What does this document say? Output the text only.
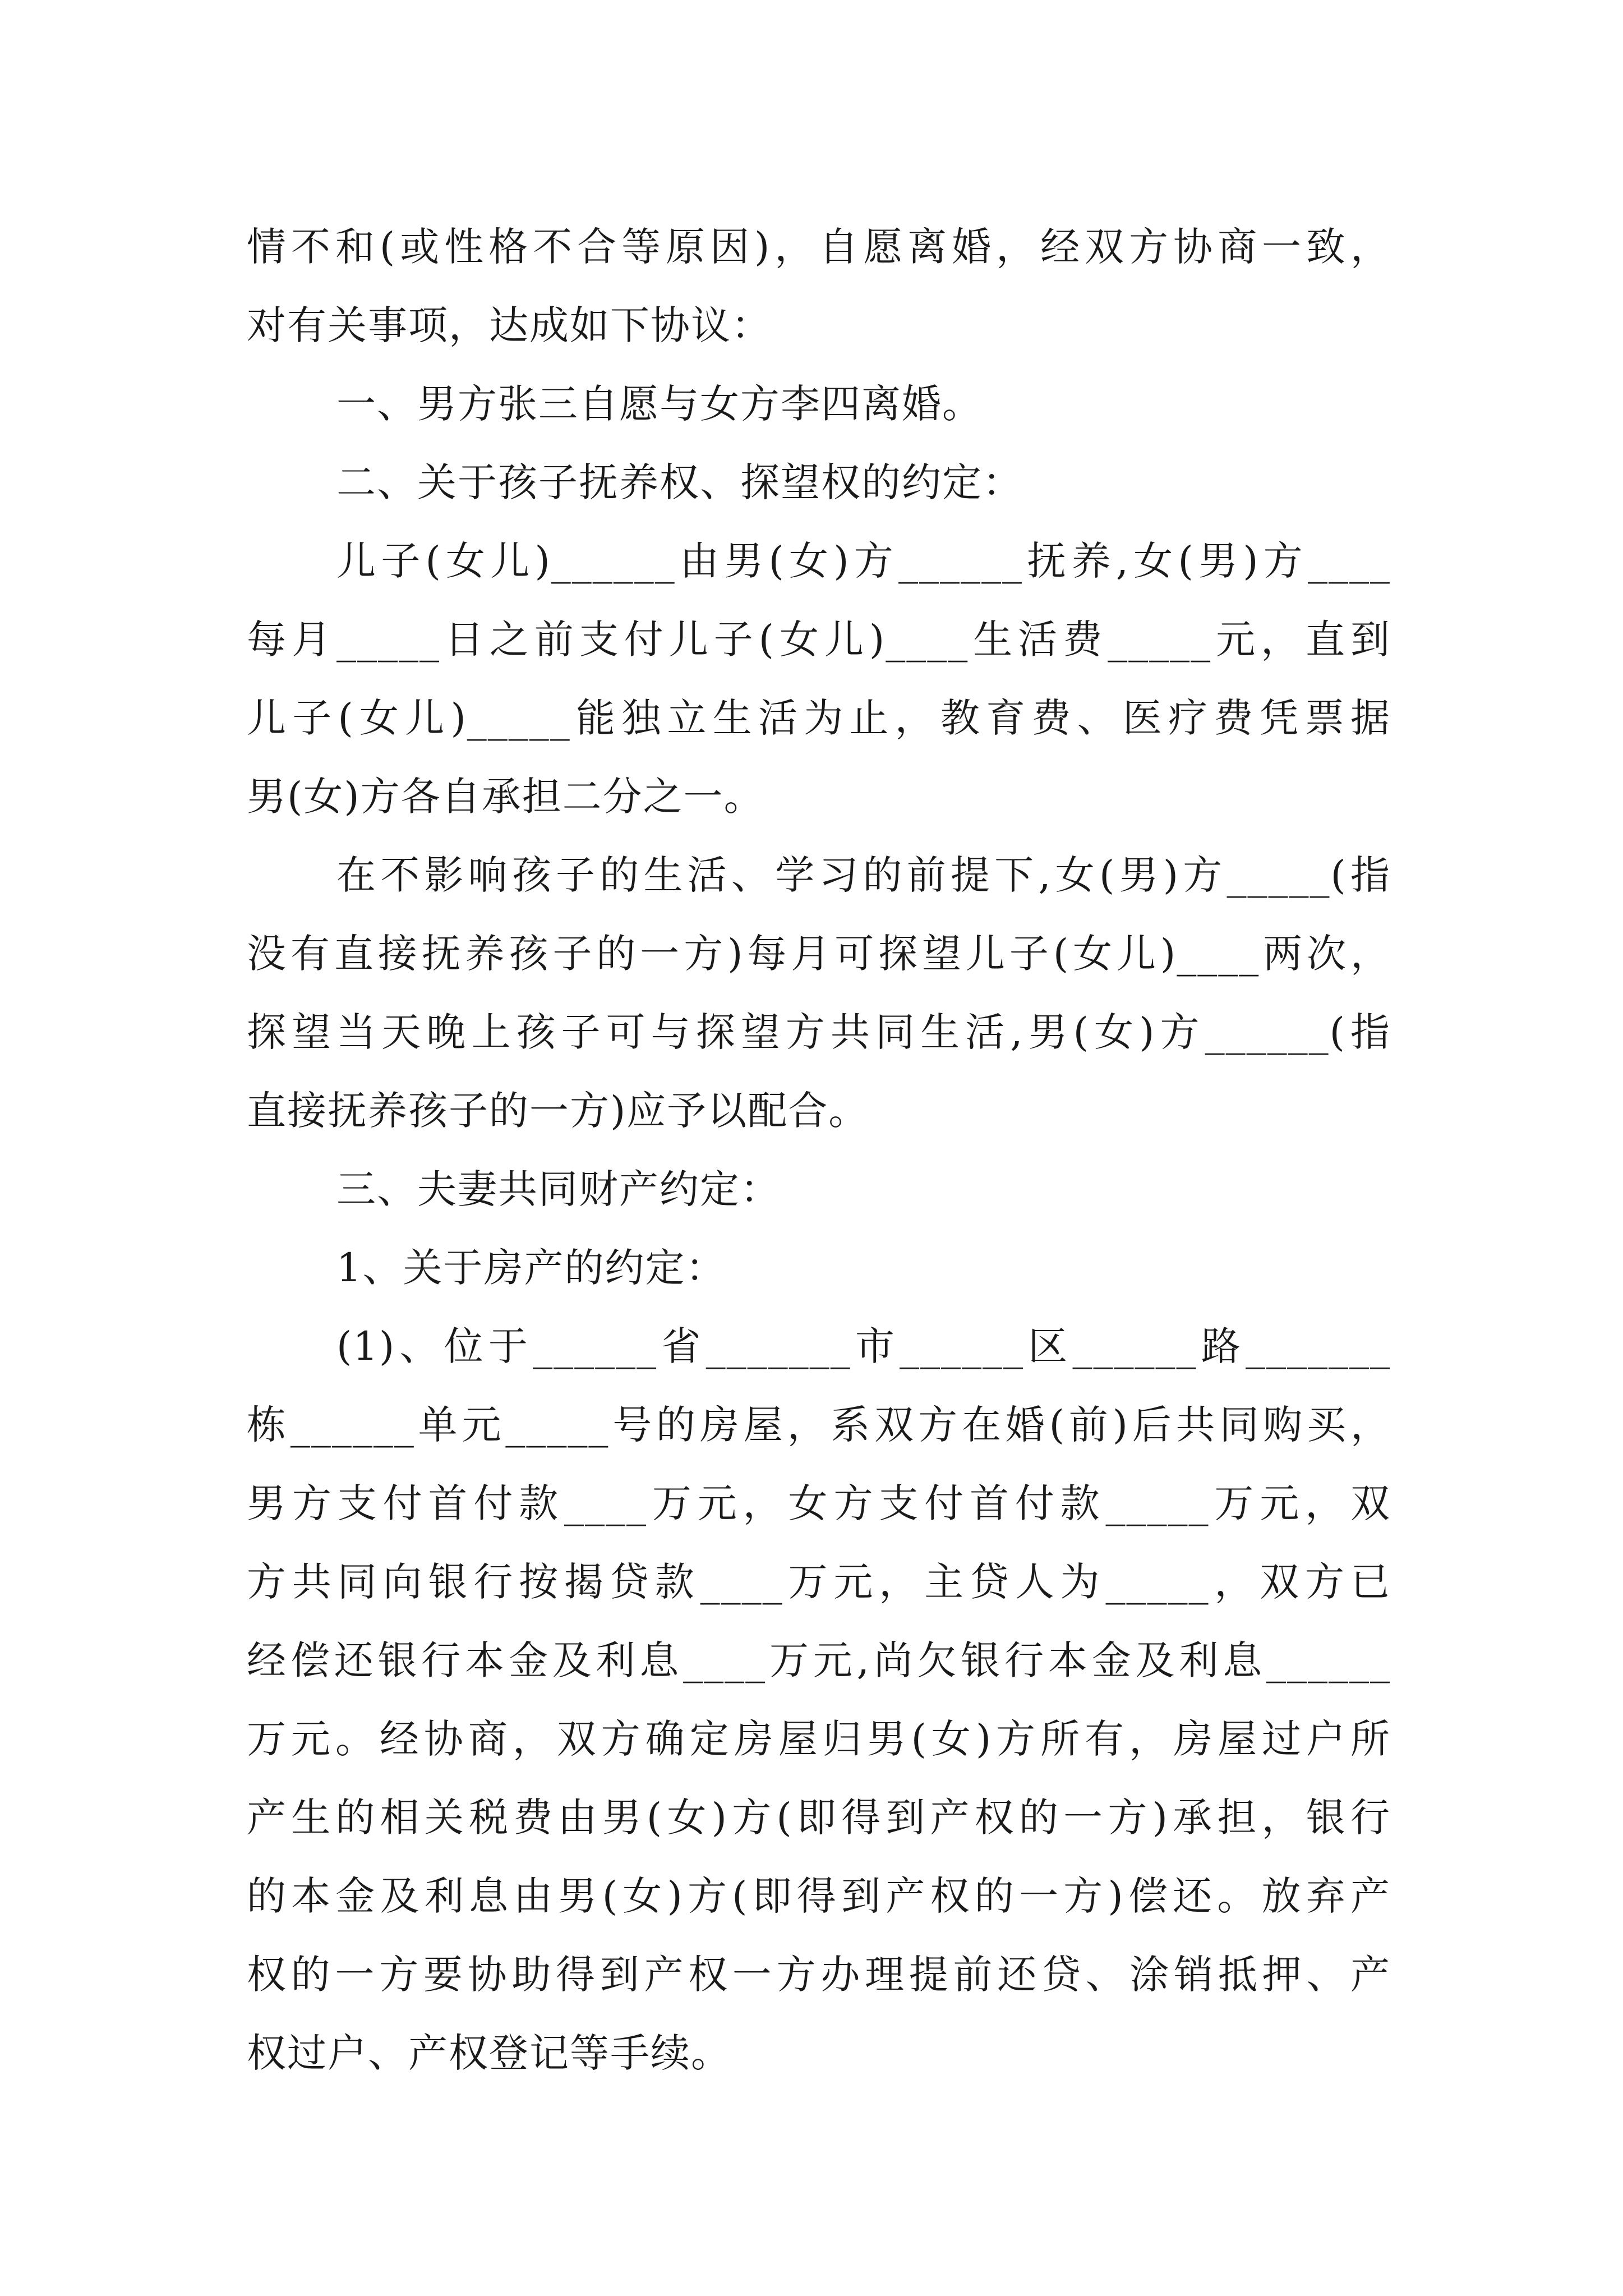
情不和(或性格不合等原因)，自愿离婚，经双方协商一致，
对有关事项，达成如下协议：
一、男方张三自愿与女方李四离婚。
二、关于孩子抚养权、探望权的约定：
儿子(女儿)______由男(女)方______抚养,女(男)方____
每月_____日之前支付儿子(女儿)____生活费_____元，直到
儿子(女儿)_____能独立生活为止，教育费、医疗费凭票据
男(女)方各自承担二分之一。
在不影响孩子的生活、学习的前提下,女(男)方_____(指
没有直接抚养孩子的一方)每月可探望儿子(女儿)____两次，
探望当天晚上孩子可与探望方共同生活,男(女)方______(指
直接抚养孩子的一方)应予以配合。
三、夫妻共同财产约定：
1、关于房产的约定：
(1)、位于______省_______市______区______路_______
栋______单元_____号的房屋，系双方在婚(前)后共同购买，
男方支付首付款____万元，女方支付首付款_____万元，双
方共同向银行按揭贷款____万元，主贷人为_____，双方已
经偿还银行本金及利息____万元,尚欠银行本金及利息______
万元。经协商，双方确定房屋归男(女)方所有，房屋过户所
产生的相关税费由男(女)方(即得到产权的一方)承担，银行
的本金及利息由男(女)方(即得到产权的一方)偿还。放弃产
权的一方要协助得到产权一方办理提前还贷、涂销抵押、产
权过户、产权登记等手续。
